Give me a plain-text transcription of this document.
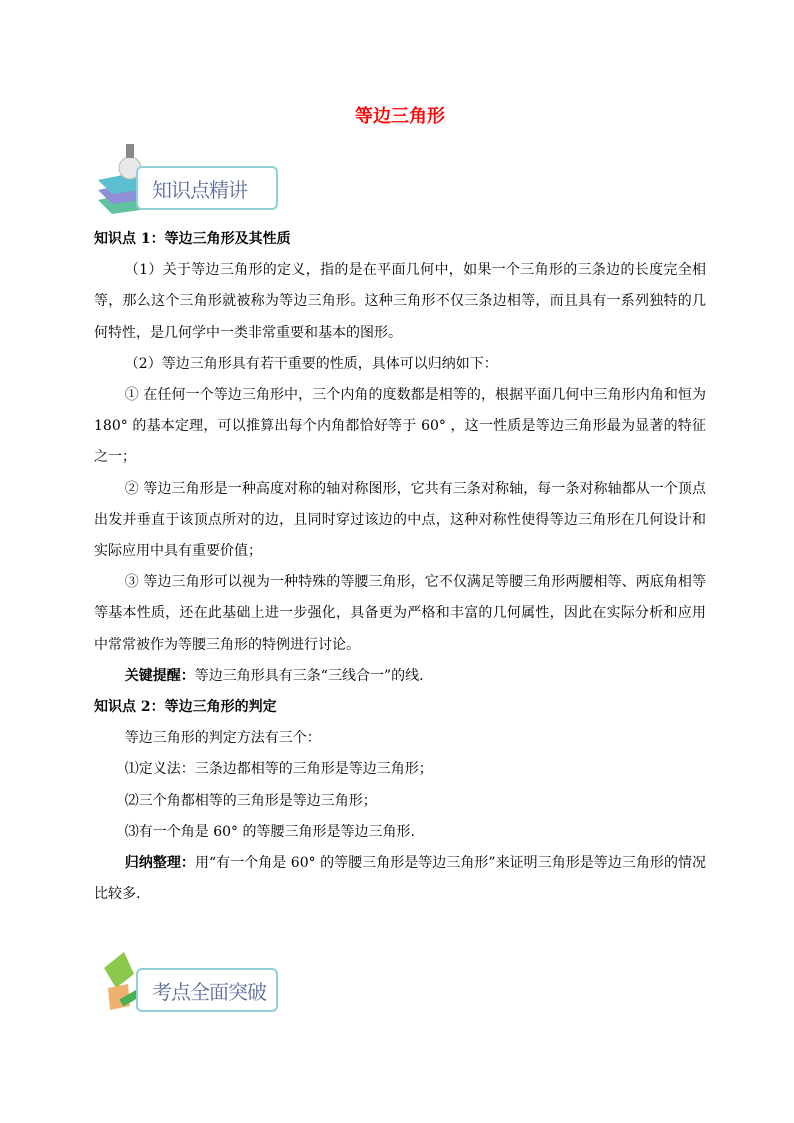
等边三角形
知识点精讲

知识点 1：等边三角形及其性质

（1）关于等边三角形的定义，指的是在平面几何中，如果一个三角形的三条边的长度完全相等，那么这个三角形就被称为等边三角形。这种三角形不仅三条边相等，而且具有一系列独特的几何特性，是几何学中一类非常重要和基本的图形。

（2）等边三角形具有若干重要的性质，具体可以归纳如下：

① 在任何一个等边三角形中，三个内角的度数都是相等的，根据平面几何中三角形内角和恒为 180° 的基本定理，可以推算出每个内角都恰好等于 60° ，这一性质是等边三角形最为显著的特征之一；

② 等边三角形是一种高度对称的轴对称图形，它共有三条对称轴，每一条对称轴都从一个顶点出发并垂直于该顶点所对的边，且同时穿过该边的中点，这种对称性使得等边三角形在几何设计和实际应用中具有重要价值；

③ 等边三角形可以视为一种特殊的等腰三角形，它不仅满足等腰三角形两腰相等、两底角相等等基本性质，还在此基础上进一步强化，具备更为严格和丰富的几何属性，因此在实际分析和应用中常常被作为等腰三角形的特例进行讨论。

关键提醒：等边三角形具有三条“三线合一”的线.

知识点 2：等边三角形的判定

等边三角形的判定方法有三个：

⑴定义法：三条边都相等的三角形是等边三角形；

⑵三个角都相等的三角形是等边三角形；

⑶有一个角是 60° 的等腰三角形是等边三角形.

归纳整理：用“有一个角是 60° 的等腰三角形是等边三角形”来证明三角形是等边三角形的情况比较多.

考点全面突破
